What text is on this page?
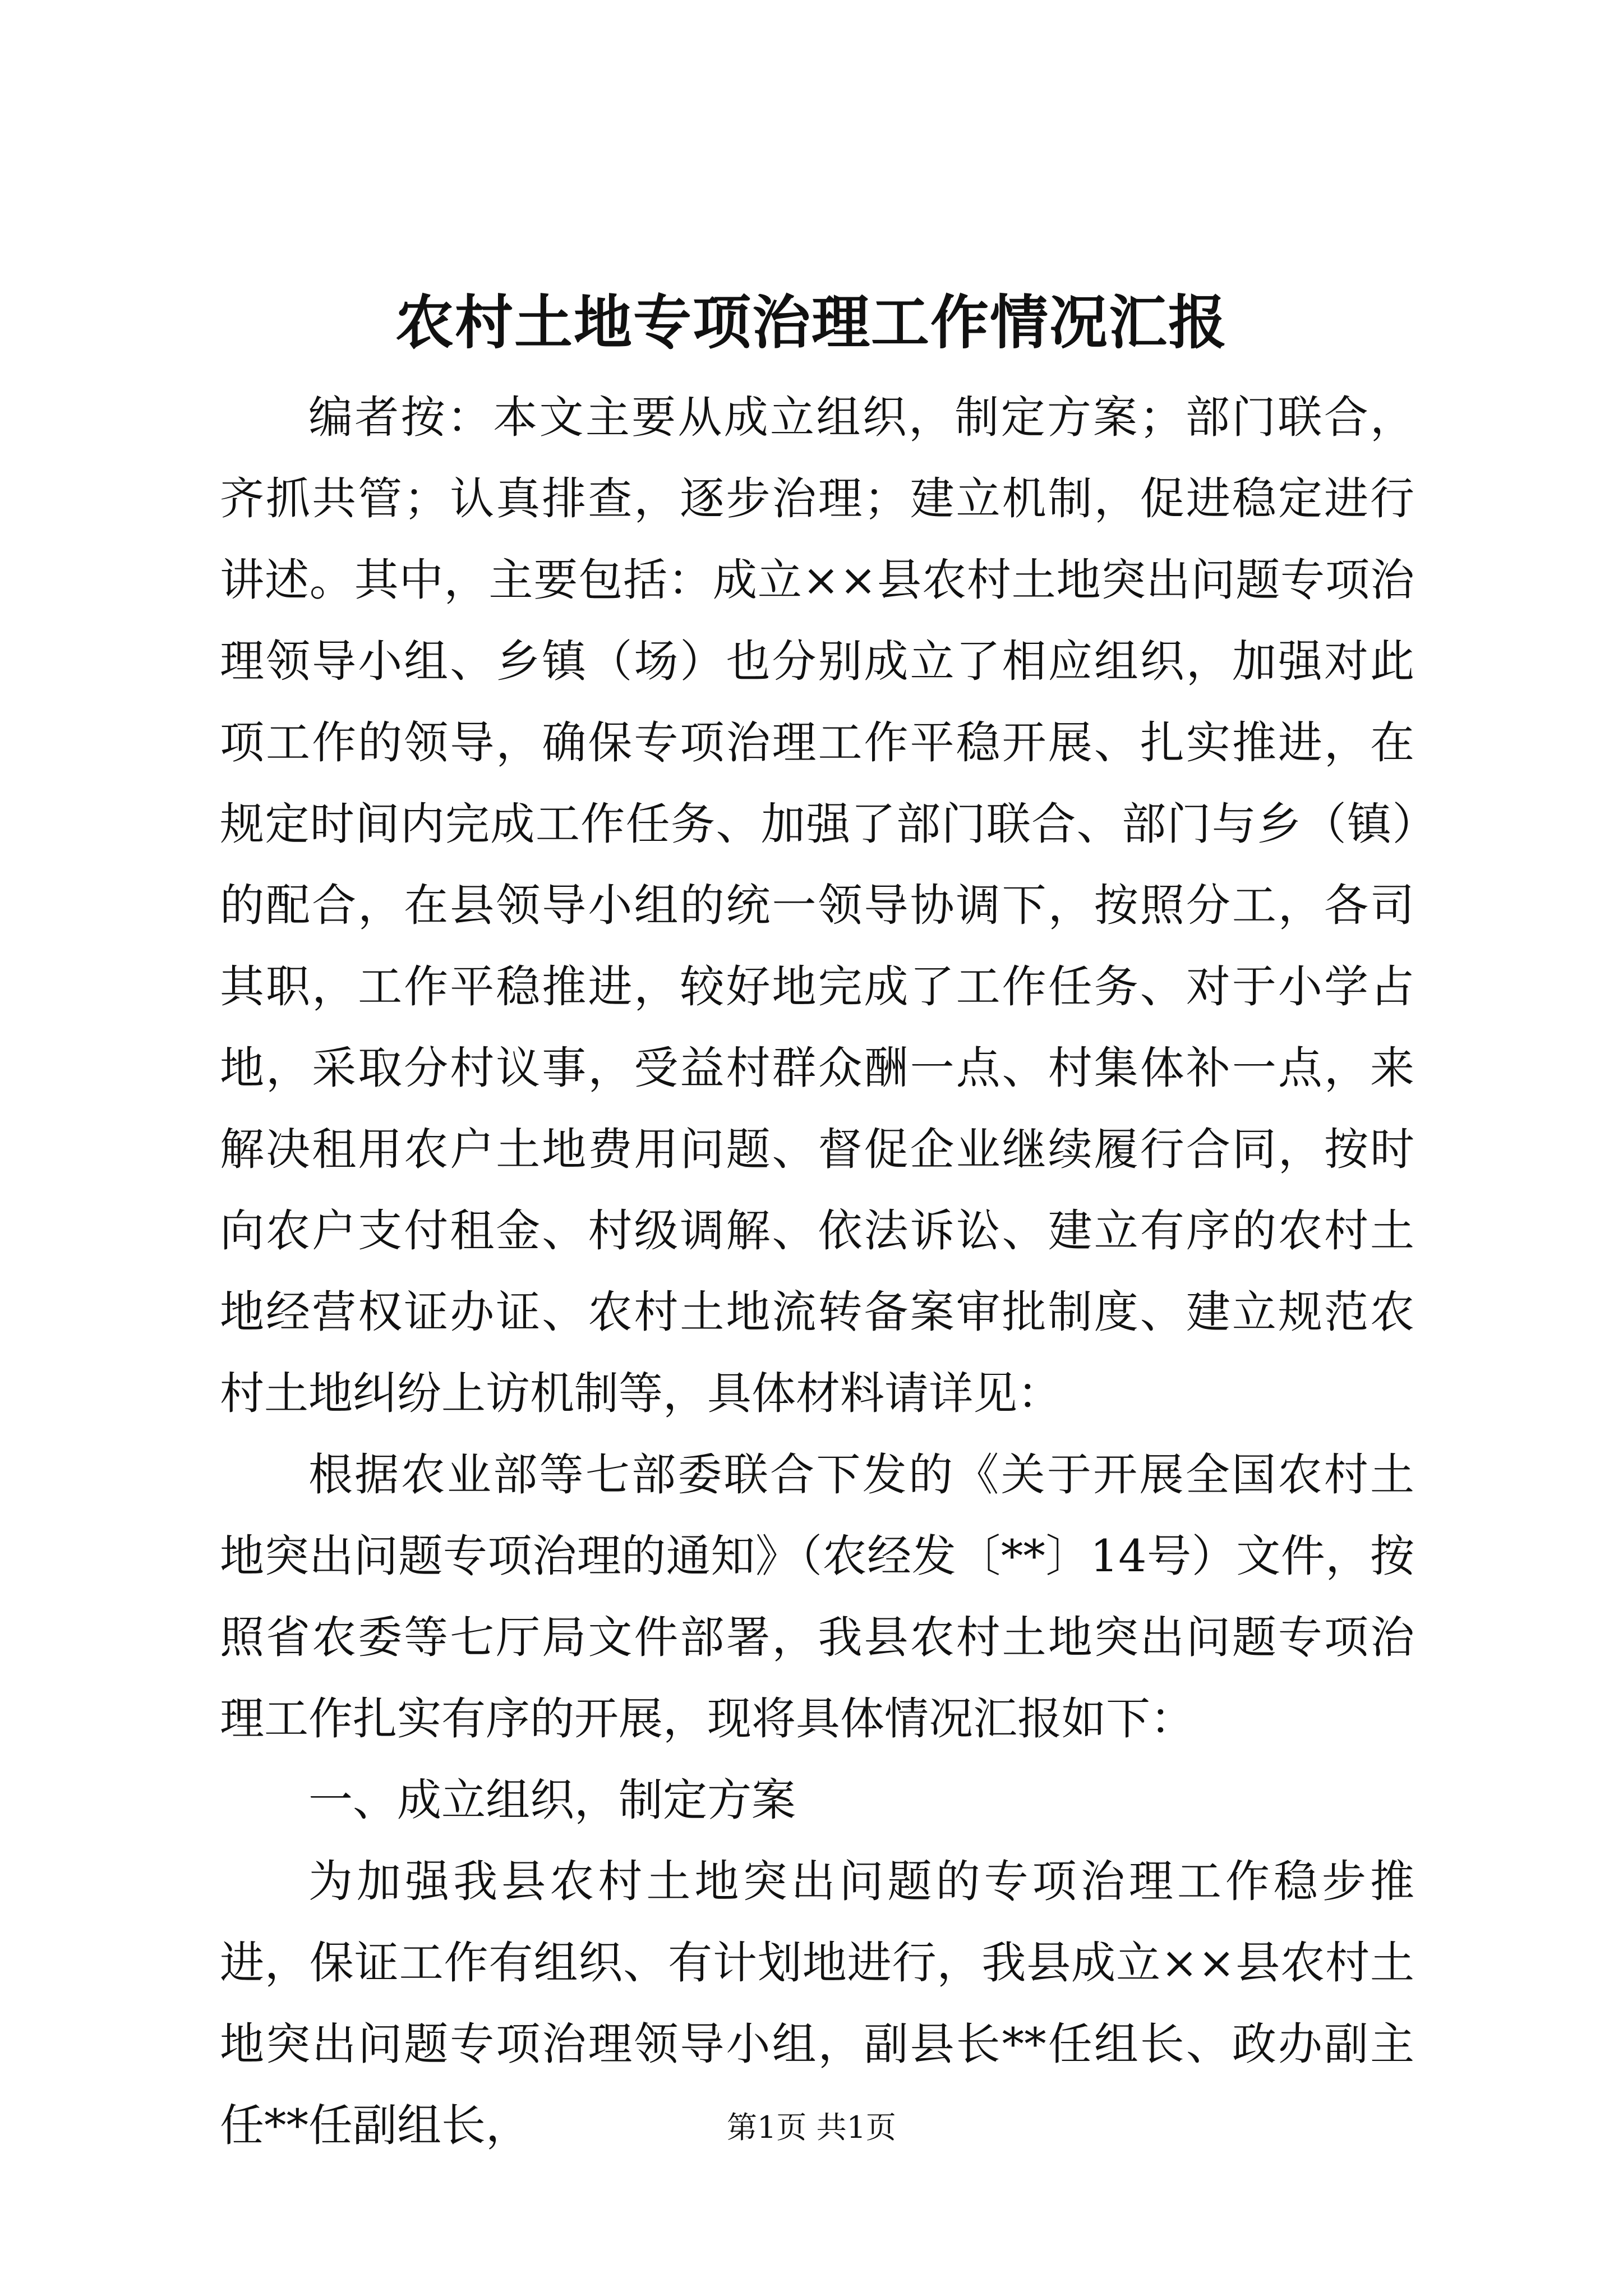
农村土地专项治理工作情况汇报

编者按：本文主要从成立组织，制定方案；部门联合，齐抓共管；认真排查，逐步治理；建立机制，促进稳定进行讲述。其中，主要包括：成立××县农村土地突出问题专项治理领导小组、乡镇（场）也分别成立了相应组织，加强对此项工作的领导，确保专项治理工作平稳开展、扎实推进，在规定时间内完成工作任务、加强了部门联合、部门与乡（镇）的配合，在县领导小组的统一领导协调下，按照分工，各司其职，工作平稳推进，较好地完成了工作任务、对于小学占地，采取分村议事，受益村群众酬一点、村集体补一点，来解决租用农户土地费用问题、督促企业继续履行合同，按时向农户支付租金、村级调解、依法诉讼、建立有序的农村土地经营权证办证、农村土地流转备案审批制度、建立规范农村土地纠纷上访机制等，具体材料请详见：

根据农业部等七部委联合下发的《关于开展全国农村土地突出问题专项治理的通知》（农经发〔**〕14号）文件，按照省农委等七厅局文件部署，我县农村土地突出问题专项治理工作扎实有序的开展，现将具体情况汇报如下：

一、成立组织，制定方案

为加强我县农村土地突出问题的专项治理工作稳步推进，保证工作有组织、有计划地进行，我县成立××县农村土地突出问题专项治理领导小组，副县长**任组长、政办副主任**任副组长，	第1页 共1页
